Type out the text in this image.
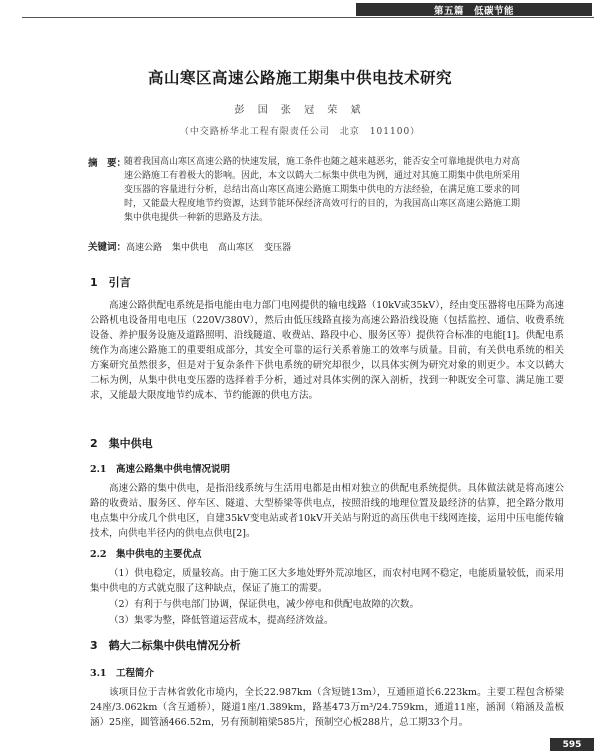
第五篇　低碳节能
高山寒区高速公路施工期集中供电技术研究
彭 国 张 冠 荣 斌
（中交路桥华北工程有限责任公司　北京　101100）
摘　要：

随着我国高山寒区高速公路的快速发展，施工条件也随之越来越恶劣，能否安全可靠地提供电力对高速公路施工有着极大的影响。因此，本文以鹤大二标集中供电为例，通过对其施工期集中供电所采用变压器的容量进行分析，总结出高山寒区高速公路施工期集中供电的方法经验，在满足施工要求的同时，又能最大程度地节约资源，达到节能环保经济高效可行的目的，为我国高山寒区高速公路施工期集中供电提供一种新的思路及方法。

关键词：高速公路 集中供电 高山寒区 变压器
1　引言

高速公路供配电系统是指电能由电力部门电网提供的输电线路（10kV或35kV），经由变压器将电压降为高速公路机电设备用电电压（220V/380V），然后由低压线路直接为高速公路沿线设施（包括监控、通信、收费系统设备、养护服务设施及道路照明、沿线隧道、收费站、路段中心、服务区等）提供符合标准的电能[1]。供配电系统作为高速公路施工的重要组成部分，其安全可靠的运行关系着施工的效率与质量。目前，有关供电系统的相关方案研究虽然很多，但是对于复杂条件下供电系统的研究却很少，以具体实例为研究对象的则更少。本文以鹤大二标为例，从集中供电变压器的选择着手分析，通过对具体实例的深入剖析，找到一种既安全可靠、满足施工要求，又能最大限度地节约成本、节约能源的供电方法。

2　集中供电
2.1　高速公路集中供电情况说明

高速公路的集中供电，是指沿线系统与生活用电都是由相对独立的供配电系统提供。具体做法就是将高速公路的收费站、服务区、停车区、隧道、大型桥梁等供电点，按照沿线的地理位置及最经济的估算，把全路分散用电点集中分成几个供电区，自建35kV变电站或者10kV开关站与附近的高压供电干线网连接，运用中压电能传输技术，向供电半径内的供电点供电[2]。

2.2　集中供电的主要优点

（1）供电稳定，质量较高。由于施工区大多地处野外荒凉地区，而农村电网不稳定，电能质量较低，而采用集中供电的方式就克服了这种缺点，保证了施工的需要。

（2）有利于与供电部门协调，保证供电，减少停电和供配电故障的次数。

（3）集零为整，降低管道运营成本，提高经济效益。

3　鹤大二标集中供电情况分析
3.1　工程简介

该项目位于吉林省敦化市境内，全长22.987km（含短链13m），互通匝道长6.223km。主要工程包含桥梁24座/3.062km（含互通桥），隧道1座/1.389km，路基473万m³/24.759km，通道11座，涵洞（箱涵及盖板涵）25座，圆管涵466.52m，另有预制箱梁585片，预制空心板288片，总工期33个月。

595
